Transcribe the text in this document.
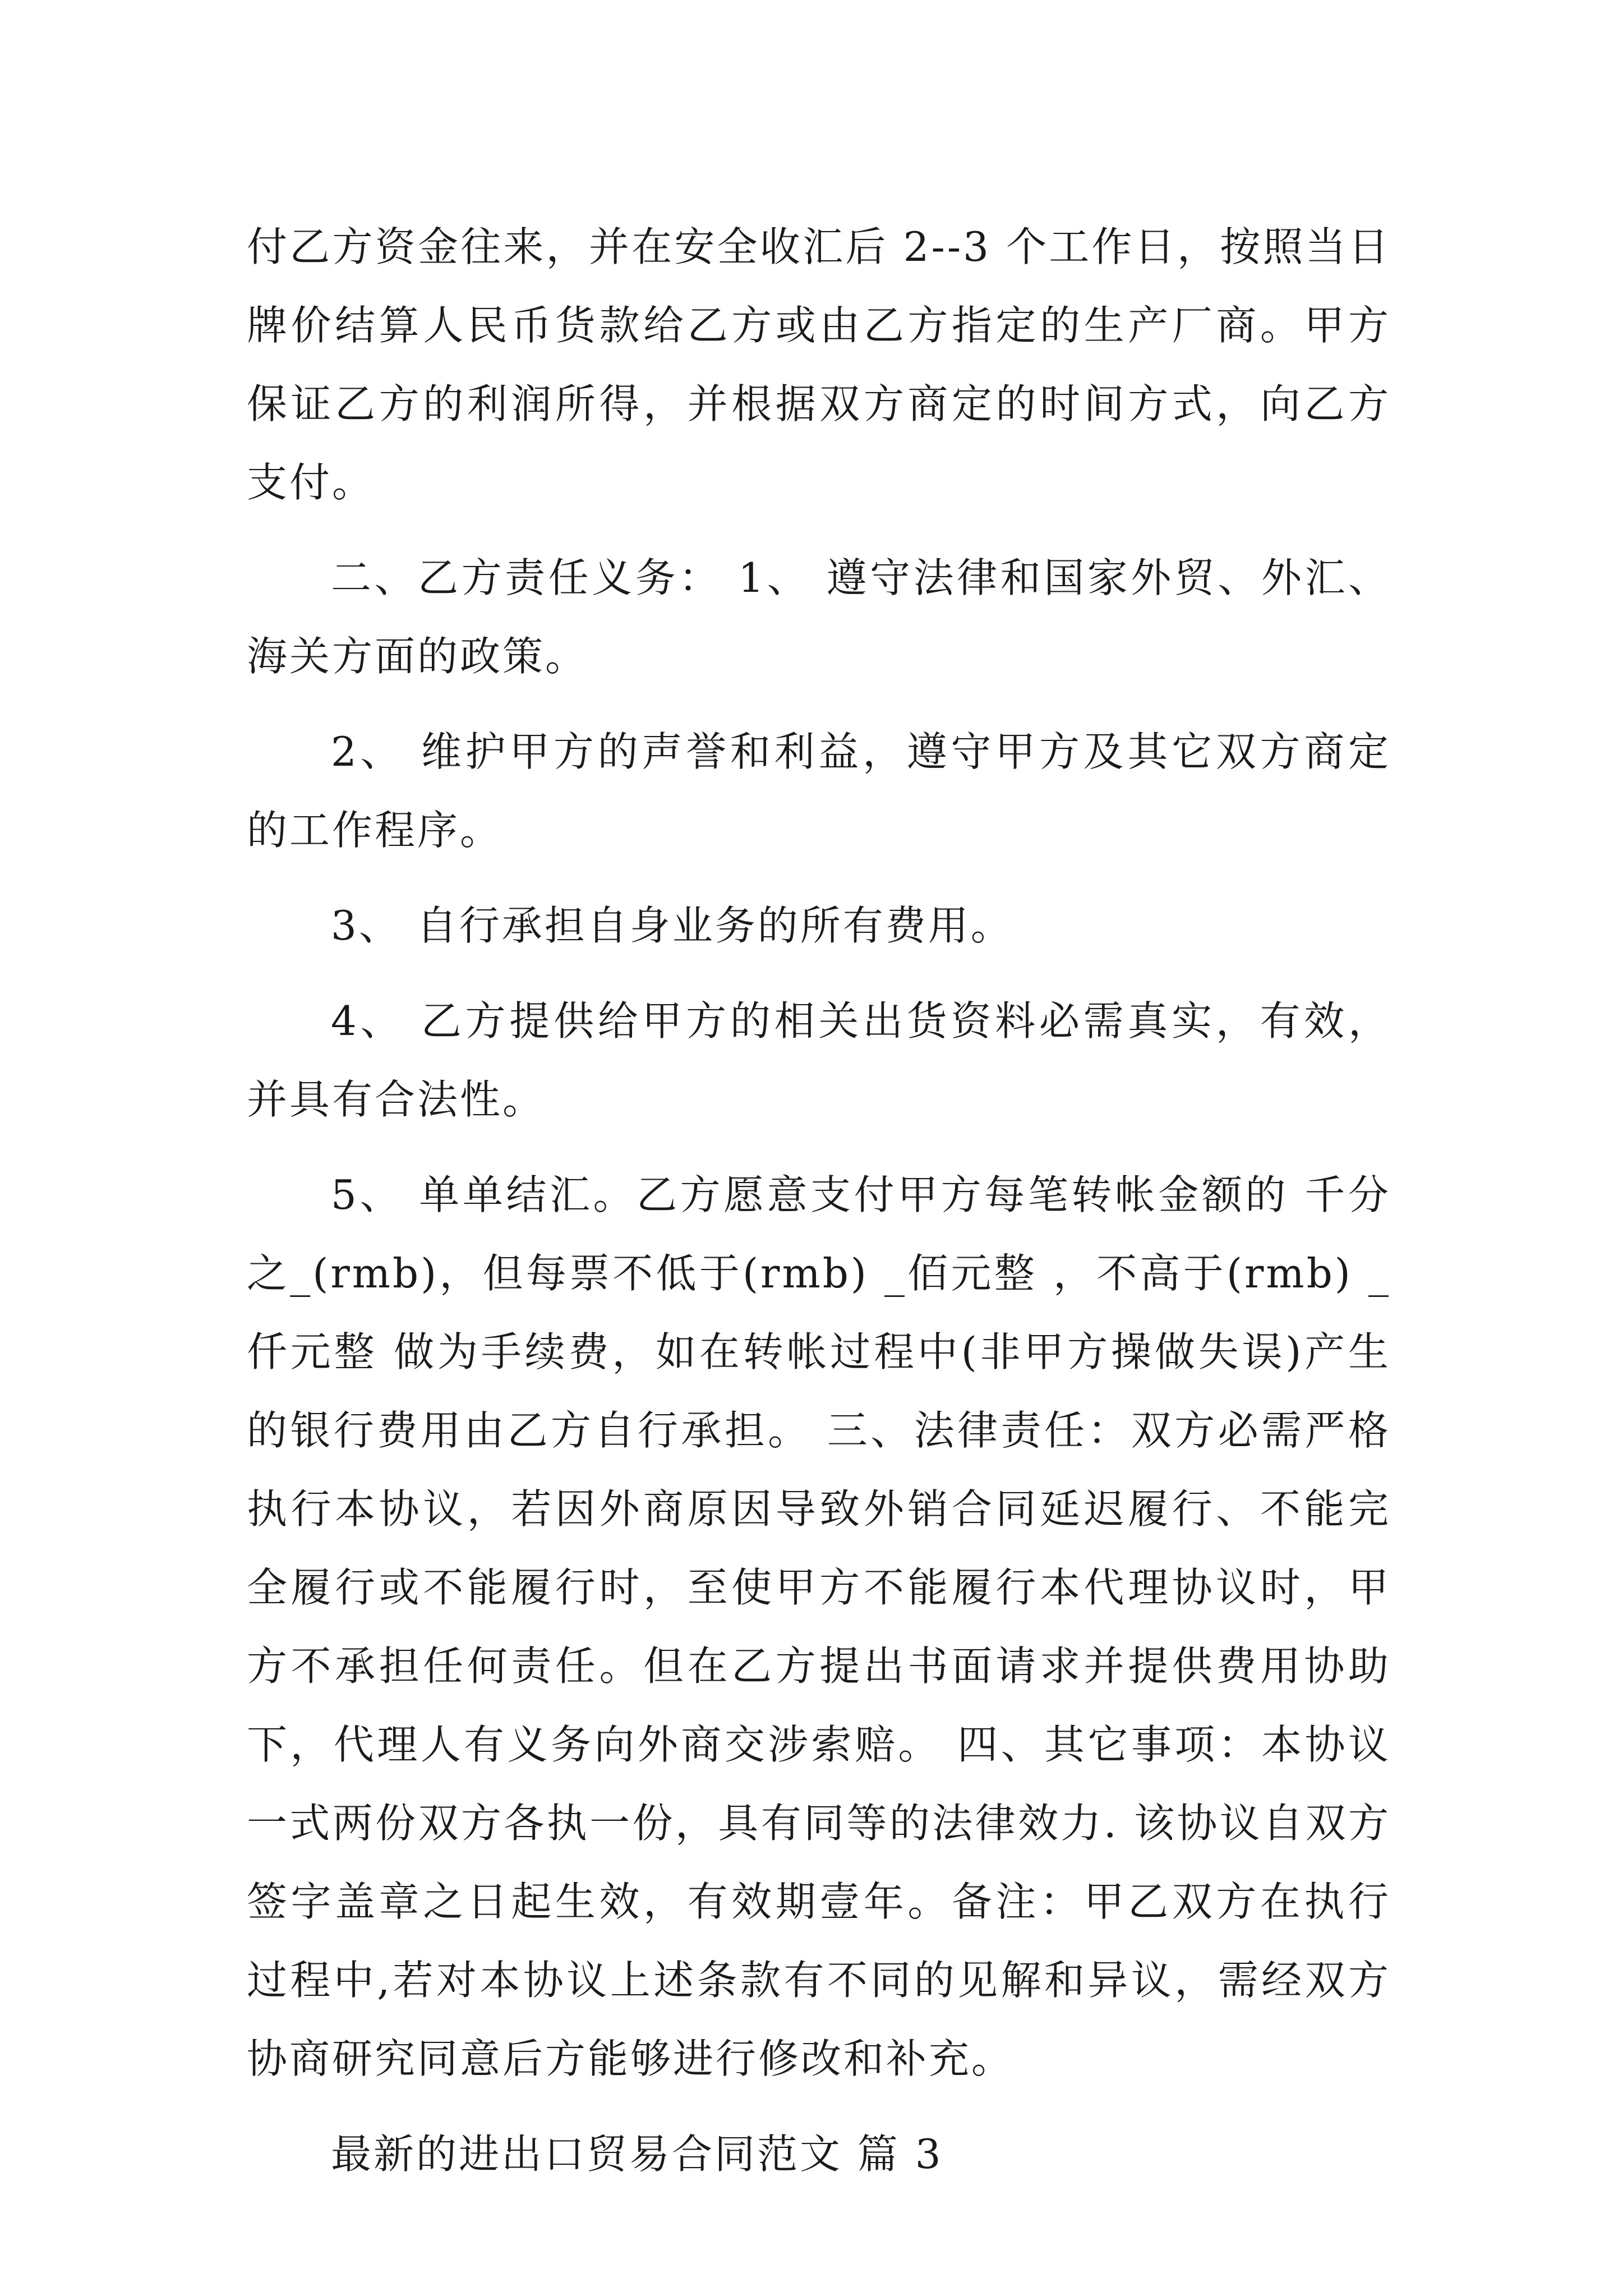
付乙方资金往来，并在安全收汇后 2--3 个工作日，按照当日牌价结算人民币货款给乙方或由乙方指定的生产厂商。甲方保证乙方的利润所得，并根据双方商定的时间方式，向乙方支付。

二、乙方责任义务： 1、 遵守法律和国家外贸、外汇、海关方面的政策。

2、 维护甲方的声誉和利益，遵守甲方及其它双方商定的工作程序。

3、 自行承担自身业务的所有费用。

4、 乙方提供给甲方的相关出货资料必需真实，有效，并具有合法性。

5、 单单结汇。乙方愿意支付甲方每笔转帐金额的 千分之_(rmb)，但每票不低于(rmb) _佰元整 ，不高于(rmb) _仟元整 做为手续费，如在转帐过程中(非甲方操做失误)产生的银行费用由乙方自行承担。 三、法律责任：双方必需严格执行本协议，若因外商原因导致外销合同延迟履行、不能完全履行或不能履行时，至使甲方不能履行本代理协议时，甲方不承担任何责任。但在乙方提出书面请求并提供费用协助下，代理人有义务向外商交涉索赔。 四、其它事项：本协议一式两份双方各执一份，具有同等的法律效力. 该协议自双方签字盖章之日起生效，有效期壹年。备注：甲乙双方在执行过程中,若对本协议上述条款有不同的见解和异议，需经双方协商研究同意后方能够进行修改和补充。

最新的进出口贸易合同范文 篇 3
